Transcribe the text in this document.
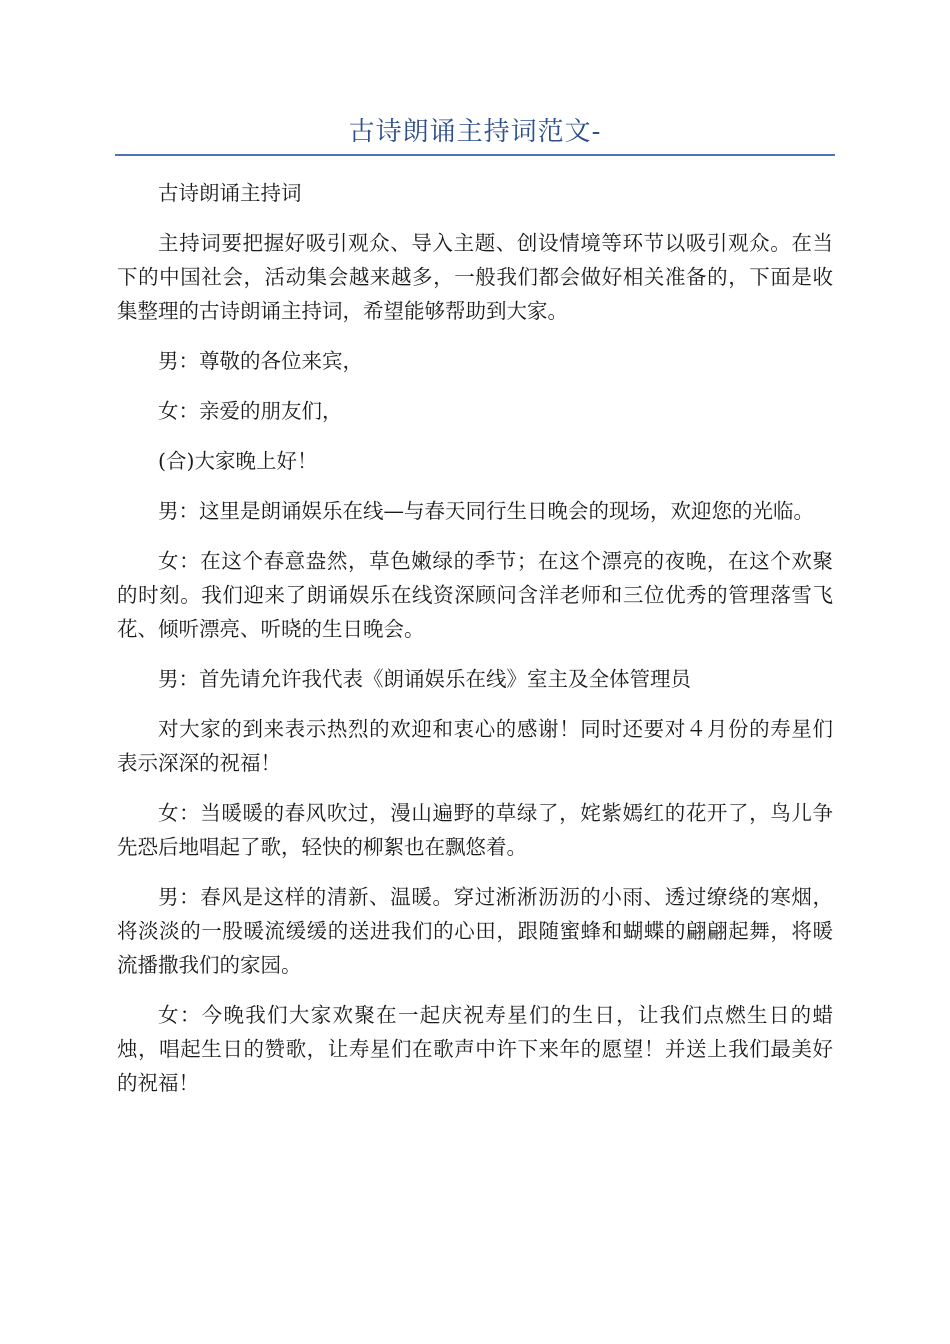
古诗朗诵主持词范文-

古诗朗诵主持词

主持词要把握好吸引观众、导入主题、创设情境等环节以吸引观众。在当下的中国社会，活动集会越来越多，一般我们都会做好相关准备的，下面是收集整理的古诗朗诵主持词，希望能够帮助到大家。

男：尊敬的各位来宾，

女：亲爱的朋友们，

(合)大家晚上好！

男：这里是朗诵娱乐在线—与春天同行生日晚会的现场，欢迎您的光临。

女：在这个春意盎然，草色嫩绿的季节；在这个漂亮的夜晚，在这个欢聚的时刻。我们迎来了朗诵娱乐在线资深顾问含洋老师和三位优秀的管理落雪飞花、倾听漂亮、听晓的生日晚会。

男：首先请允许我代表《朗诵娱乐在线》室主及全体管理员

对大家的到来表示热烈的欢迎和衷心的感谢！同时还要对４月份的寿星们表示深深的祝福！

女：当暖暖的春风吹过，漫山遍野的草绿了，姹紫嫣红的花开了，鸟儿争先恐后地唱起了歌，轻快的柳絮也在飘悠着。

男：春风是这样的清新、温暖。穿过淅淅沥沥的小雨、透过缭绕的寒烟，将淡淡的一股暖流缓缓的送进我们的心田，跟随蜜蜂和蝴蝶的翩翩起舞，将暖流播撒我们的家园。

女：今晚我们大家欢聚在一起庆祝寿星们的生日，让我们点燃生日的蜡烛，唱起生日的赞歌，让寿星们在歌声中许下来年的愿望！并送上我们最美好的祝福！
